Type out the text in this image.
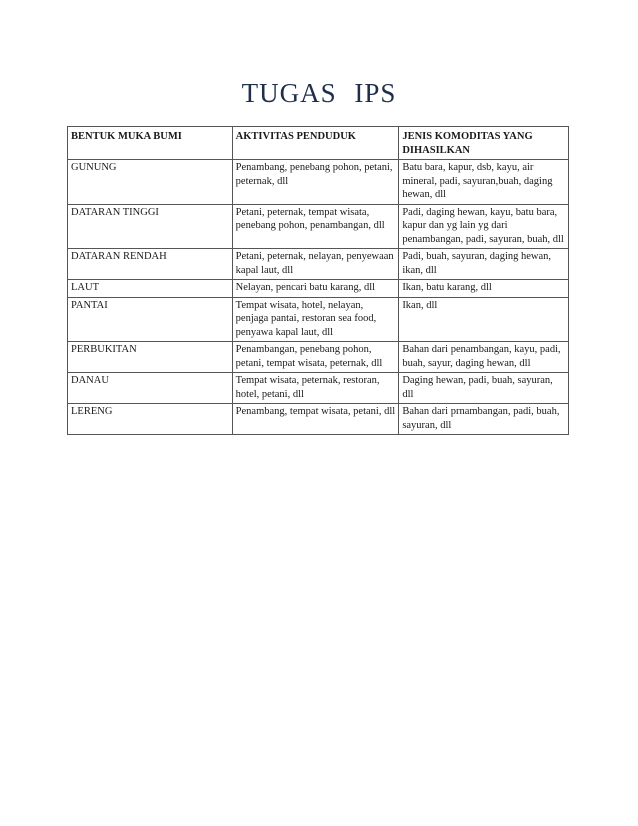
TUGAS IPS
BENTUK MUKA BUMI	AKTIVITAS PENDUDUK	JENIS KOMODITAS YANG DIHASILKAN
GUNUNG	Penambang, penebang pohon, petani, peternak, dll	Batu bara, kapur, dsb, kayu, air mineral, padi, sayuran,buah, daging hewan, dll
DATARAN TINGGI	Petani, peternak, tempat wisata, penebang pohon, penambangan, dll	Padi, daging hewan, kayu, batu bara, kapur dan yg lain yg dari penambangan, padi, sayuran, buah, dll
DATARAN RENDAH	Petani, peternak, nelayan, penyewaan kapal laut, dll	Padi, buah, sayuran, daging hewan, ikan, dll
LAUT	Nelayan, pencari batu karang, dll	Ikan, batu karang, dll
PANTAI	Tempat wisata, hotel, nelayan, penjaga pantai, restoran sea food, penyawa kapal laut, dll	Ikan, dll
PERBUKITAN	Penambangan, penebang pohon, petani, tempat wisata, peternak, dll	Bahan dari penambangan, kayu, padi, buah, sayur, daging hewan, dll
DANAU	Tempat wisata, peternak, restoran, hotel, petani, dll	Daging hewan, padi, buah, sayuran, dll
LERENG	Penambang, tempat wisata, petani, dll	Bahan dari prnambangan, padi, buah, sayuran, dll
